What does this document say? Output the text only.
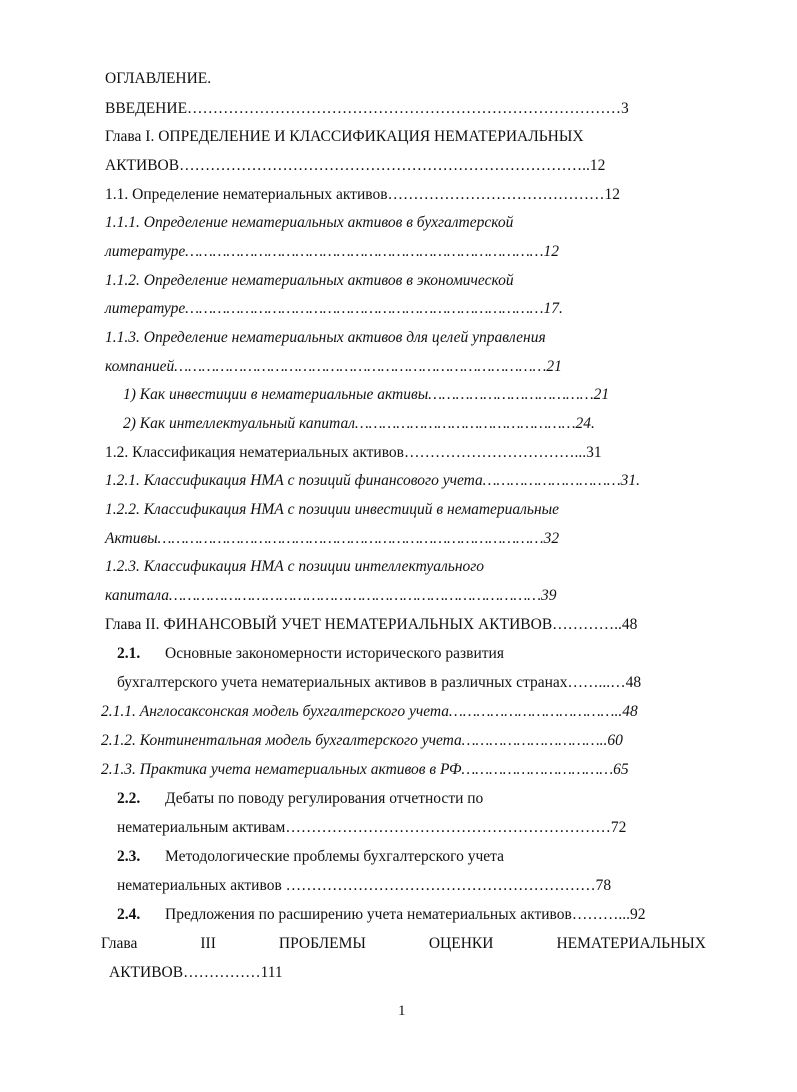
ОГЛАВЛЕНИЕ.
ВВЕДЕНИЕ…………………………………………………………………………3
Глава I. ОПРЕДЕЛЕНИЕ И КЛАССИФИКАЦИЯ НЕМАТЕРИАЛЬНЫХ
АКТИВОВ……………………………………………………………………..12
1.1. Определение нематериальных активов……………………………………12
1.1.1. Определение нематериальных активов в бухгалтерской
литературе……………………………………………………………………12
1.1.2. Определение нематериальных активов в экономической
литературе……………………………………………………………………17.
1.1.3. Определение нематериальных активов для целей управления
компанией………………………………………………………………………21
1) Как инвестиции в нематериальные активы………………………………21
2) Как интеллектуальный капитал…………………………………………24.
1.2. Классификация нематериальных активов……………………………...31
1.2.1. Классификация НМА с позиций финансового учета…………………………31.
1.2.2. Классификация НМА с позиции инвестиций в нематериальные
Активы…………………………………………………………………………32
1.2.3. Классификация НМА с позиции интеллектуального
капитала………………………………………………………………………39
Глава II. ФИНАНСОВЫЙ УЧЕТ НЕМАТЕРИАЛЬНЫХ АКТИВОВ…………..48
2.1. Основные закономерности исторического развития
бухгалтерского учета нематериальных активов в различных странах……...…48
2.1.1. Англосаксонская модель бухгалтерского учета………………………………..48
2.1.2. Континентальная модель бухгалтерского учета…………………………..60
2.1.3. Практика учета нематериальных активов в РФ……………………………65
2.2. Дебаты по поводу регулирования отчетности по
нематериальным активам………………………………………………………72
2.3. Методологические проблемы бухгалтерского учета
нематериальных активов ……………………………………………………78
2.4. Предложения по расширению учета нематериальных активов………...92
Глава	III	ПРОБЛЕМЫ	ОЦЕНКИ	НЕМАТЕРИАЛЬНЫХ
АКТИВОВ……………111
1
